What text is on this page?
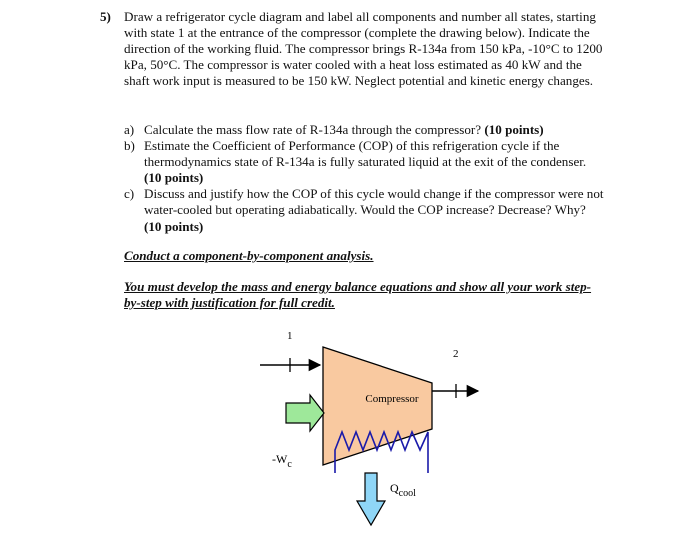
5) Draw a refrigerator cycle diagram and label all components and number all states, starting with state 1 at the entrance of the compressor (complete the drawing below). Indicate the direction of the working fluid. The compressor brings R-134a from 150 kPa, -10°C to 1200 kPa, 50°C. The compressor is water cooled with a heat loss estimated as 40 kW and the shaft work input is measured to be 150 kW. Neglect potential and kinetic energy changes.
a) Calculate the mass flow rate of R-134a through the compressor? (10 points)
b) Estimate the Coefficient of Performance (COP) of this refrigeration cycle if the thermodynamics state of R-134a is fully saturated liquid at the exit of the condenser. (10 points)
c) Discuss and justify how the COP of this cycle would change if the compressor were not water-cooled but operating adiabatically. Would the COP increase? Decrease? Why? (10 points)
Conduct a component-by-component analysis.
You must develop the mass and energy balance equations and show all your work step-by-step with justification for full credit.
Compressor
1
2
$-W_c$
$Q_{cool}$
